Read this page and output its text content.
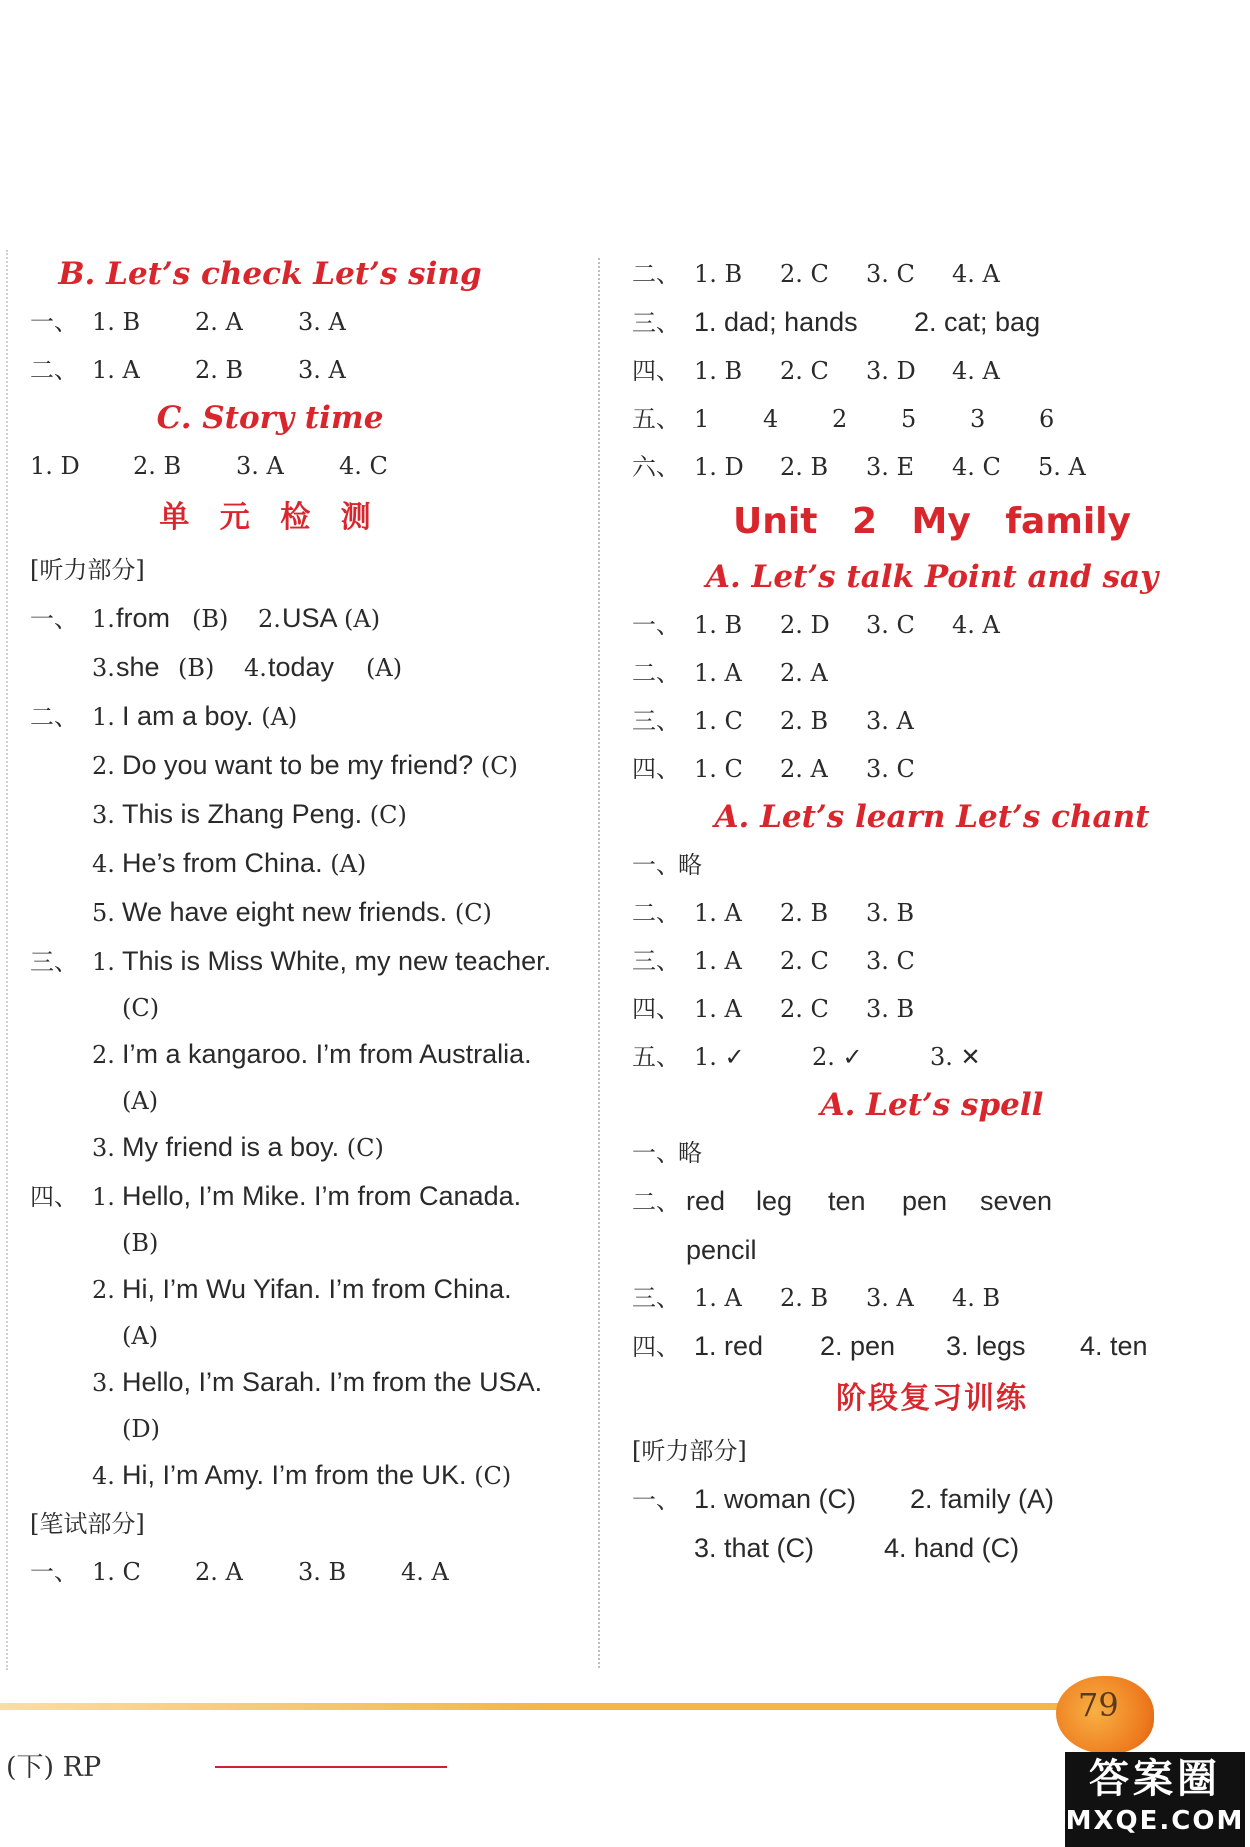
B. Let’s check Let’s sing
一、 1. B	2. A	3. A
二、 1. A	2. B	3. A
C. Story time
1. D	2. B	3. A	4. C
单 元 检 测
[听力部分]
一、 1. from (B)	2. USA (A)
3. she (B)	4. today	(A)
二、 1. I am a boy.
(A)
2. Do you want to be my friend?
(C)
3. This is Zhang Peng.
(C)
4. He’s from China.
(A)
5. We have eight new friends.
(C)
三、 1. This is Miss White, my new teacher.
(C)
2. I’m a kangaroo. I’m from Australia.
(A)
3. My friend is a boy.
(C)
四、 1. Hello, I’m Mike. I’m from Canada.
(B)
2. Hi, I’m Wu Yifan. I’m from China.
(A)
3. Hello, I’m Sarah. I’m from the USA.
(D)
4. Hi, I’m Amy. I’m from the UK.
(C)
[笔试部分]
一、 1. C	2. A	3. B	4. A
二、 1. B	2. C	3. C	4. A
三、 1. dad; hands	2. cat; bag
四、 1. B	2. C	3. D	4. A
五、 1	4	2	5	3	6
六、 1. D	2. B	3. E	4. C	5. A
Unit 2 My family
A. Let’s talk Point and say
一、 1. B	2. D	3. C	4. A
二、 1. A	2. A
三、 1. C	2. B	3. A
四、 1. C	2. A	3. C
A. Let’s learn Let’s chant
一、
略
二、 1. A	2. B	3. B
三、 1. A	2. C	3. C
四、 1. A	2. C	3. B
五、 1. ✓	2. ✓	3. ✕
A. Let’s spell
一、
略
二、 red	leg	ten	pen	seven
pencil
三、 1. A	2. B	3. A	4. B
四、 1. red	2. pen	3. legs	4. ten
阶段复习训练
[听力部分]
一、 1. woman (C)	2. family (A)
3. that (C)	4. hand (C)
79
(下) RP	答案圈
MXQE.COM
